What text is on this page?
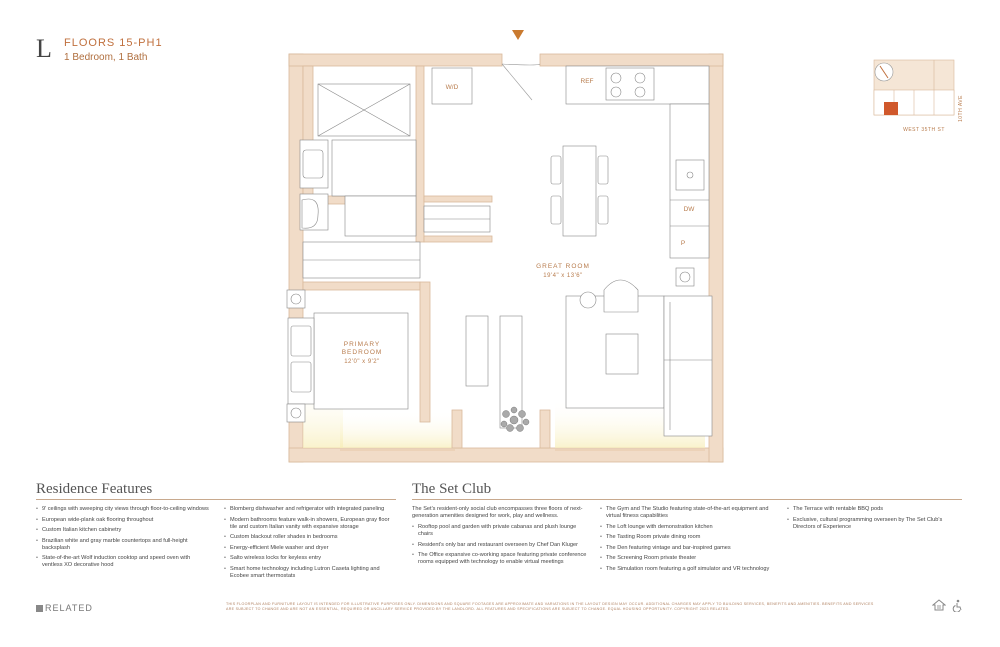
L FLOORS 15-PH1
1 Bedroom, 1 Bath
W/D
REF
DW
P
GREAT ROOM
19'4" x 13'6"
PRIMARY
BEDROOM
12'0" x 9'2"
10TH AVE
WEST 35TH ST
Residence Features
• 9' ceilings with sweeping city views through floor-to-ceiling windows
• European wide-plank oak flooring throughout
• Custom Italian kitchen cabinetry
• Brazilian white and gray marble countertops and full-height backsplash
• State-of-the-art Wolf induction cooktop and speed oven with ventless XO decorative hood
• Blomberg dishwasher and refrigerator with integrated paneling
• Modern bathrooms feature walk-in showers, European gray floor tile and custom Italian vanity with expansive storage
• Custom blackout roller shades in bedrooms
• Energy-efficient Miele washer and dryer
• Salto wireless locks for keyless entry
• Smart home technology including Lutron Caseta lighting and Ecobee smart thermostats
The Set Club

The Set's resident-only social club encompasses three floors of next-generation amenities designed for work, play and wellness.

• Rooftop pool and garden with private cabanas and plush lounge chairs
• Resident's only bar and restaurant overseen by Chef Dan Kluger
• The Office expansive co-working space featuring private conference rooms equipped with technology to enable virtual meetings
• The Gym and The Studio featuring state-of-the-art equipment and virtual fitness capabilities
• The Loft lounge with demonstration kitchen
• The Tasting Room private dining room
• The Den featuring vintage and bar-inspired games
• The Screening Room private theater
• The Simulation room featuring a golf simulator and VR technology
• The Terrace with rentable BBQ pods
• Exclusive, cultural programming overseen by The Set Club's Directors of Experience
RELATED	THIS FLOORPLAN AND FURNITURE LAYOUT IS INTENDED FOR ILLUSTRATIVE PURPOSES ONLY. DIMENSIONS AND SQUARE FOOTAGES ARE APPROXIMATE AND VARIATIONS IN THE LAYOUT DESIGN MAY OCCUR. ADDITIONAL CHARGES MAY APPLY TO BUILDING SERVICES, BENEFITS AND AMENITIES. BENEFITS AND SERVICES ARE SUBJECT TO CHANGE AND ARE NOT AN ESSENTIAL, REQUIRED OR ANCILLARY SERVICE PROVIDED BY THE LANDLORD. ALL FEATURES AND SPECIFICATIONS ARE SUBJECT TO CHANGE. EQUAL HOUSING OPPORTUNITY. COPYRIGHT 2023 RELATED.
